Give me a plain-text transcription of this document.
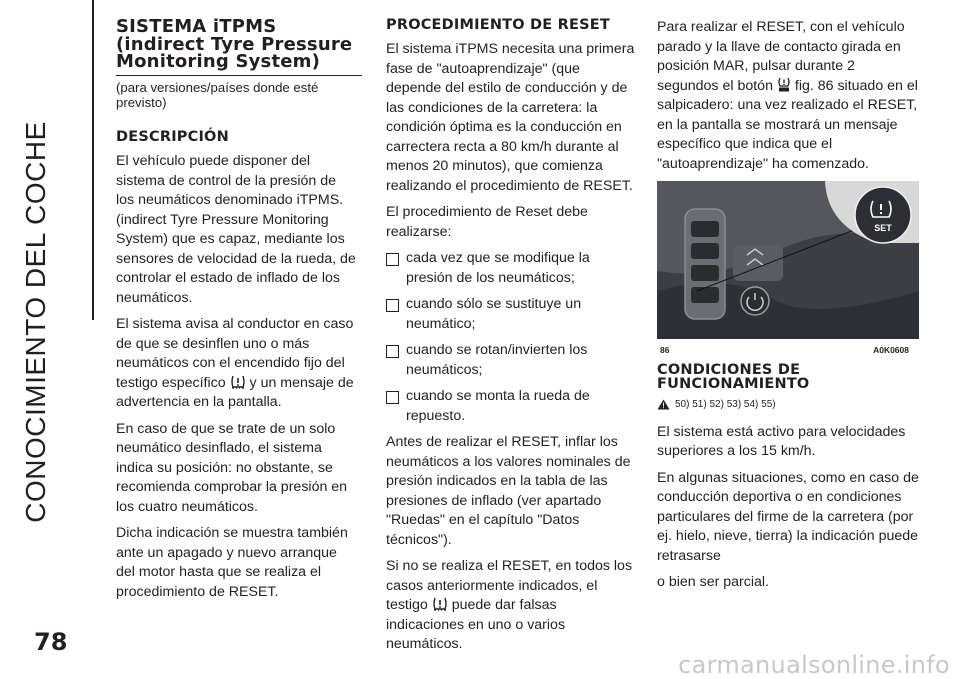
CONOCIMIENTO DEL COCHE
SISTEMA iTPMS (indirect Tyre Pressure Monitoring System)
(para versiones/países donde esté previsto)
DESCRIPCIÓN

El vehículo puede disponer del sistema de control de la presión de los neumáticos denominado iTPMS. (indirect Tyre Pressure Monitoring System) que es capaz, mediante los sensores de velocidad de la rueda, de controlar el estado de inflado de los neumáticos.

El sistema avisa al conductor en caso de que se desinflen uno o más neumáticos con el encendido fijo del testigo específico y un mensaje de advertencia en la pantalla.

En caso de que se trate de un solo neumático desinflado, el sistema indica su posición: no obstante, se recomienda comprobar la presión en los cuatro neumáticos.

Dicha indicación se muestra también ante un apagado y nuevo arranque del motor hasta que se realiza el procedimiento de RESET.

PROCEDIMIENTO DE RESET

El sistema iTPMS necesita una primera fase de "autoaprendizaje" (que depende del estilo de conducción y de las condiciones de la carretera: la condición óptima es la conducción en carrectera recta a 80 km/h durante al menos 20 minutos), que comienza realizando el procedimiento de RESET.

El procedimiento de Reset debe realizarse:

cada vez que se modifique la presión de los neumáticos;
cuando sólo se sustituye un neumático;
cuando se rotan/invierten los neumáticos;
cuando se monta la rueda de repuesto.

Antes de realizar el RESET, inflar los neumáticos a los valores nominales de presión indicados en la tabla de las presiones de inflado (ver apartado "Ruedas" en el capítulo "Datos técnicos").

Si no se realiza el RESET, en todos los casos anteriormente indicados, el testigo puede dar falsas indicaciones en uno o varios neumáticos.

Para realizar el RESET, con el vehículo parado y la llave de contacto girada en posición MAR, pulsar durante 2 segundos el botón fig. 86 situado en el salpicadero: una vez realizado el RESET, en la pantalla se mostrará un mensaje específico que indica que el "autoaprendizaje" ha comenzado.

SET
86	A0K0608
CONDICIONES DE FUNCIONAMIENTO
50) 51) 52) 53) 54) 55)

El sistema está activo para velocidades superiores a los 15 km/h.

En algunas situaciones, como en caso de conducción deportiva o en condiciones particulares del firme de la carretera (por ej. hielo, nieve, tierra) la indicación puede retrasarse

o bien ser parcial.

78
carmanualsonline.info
